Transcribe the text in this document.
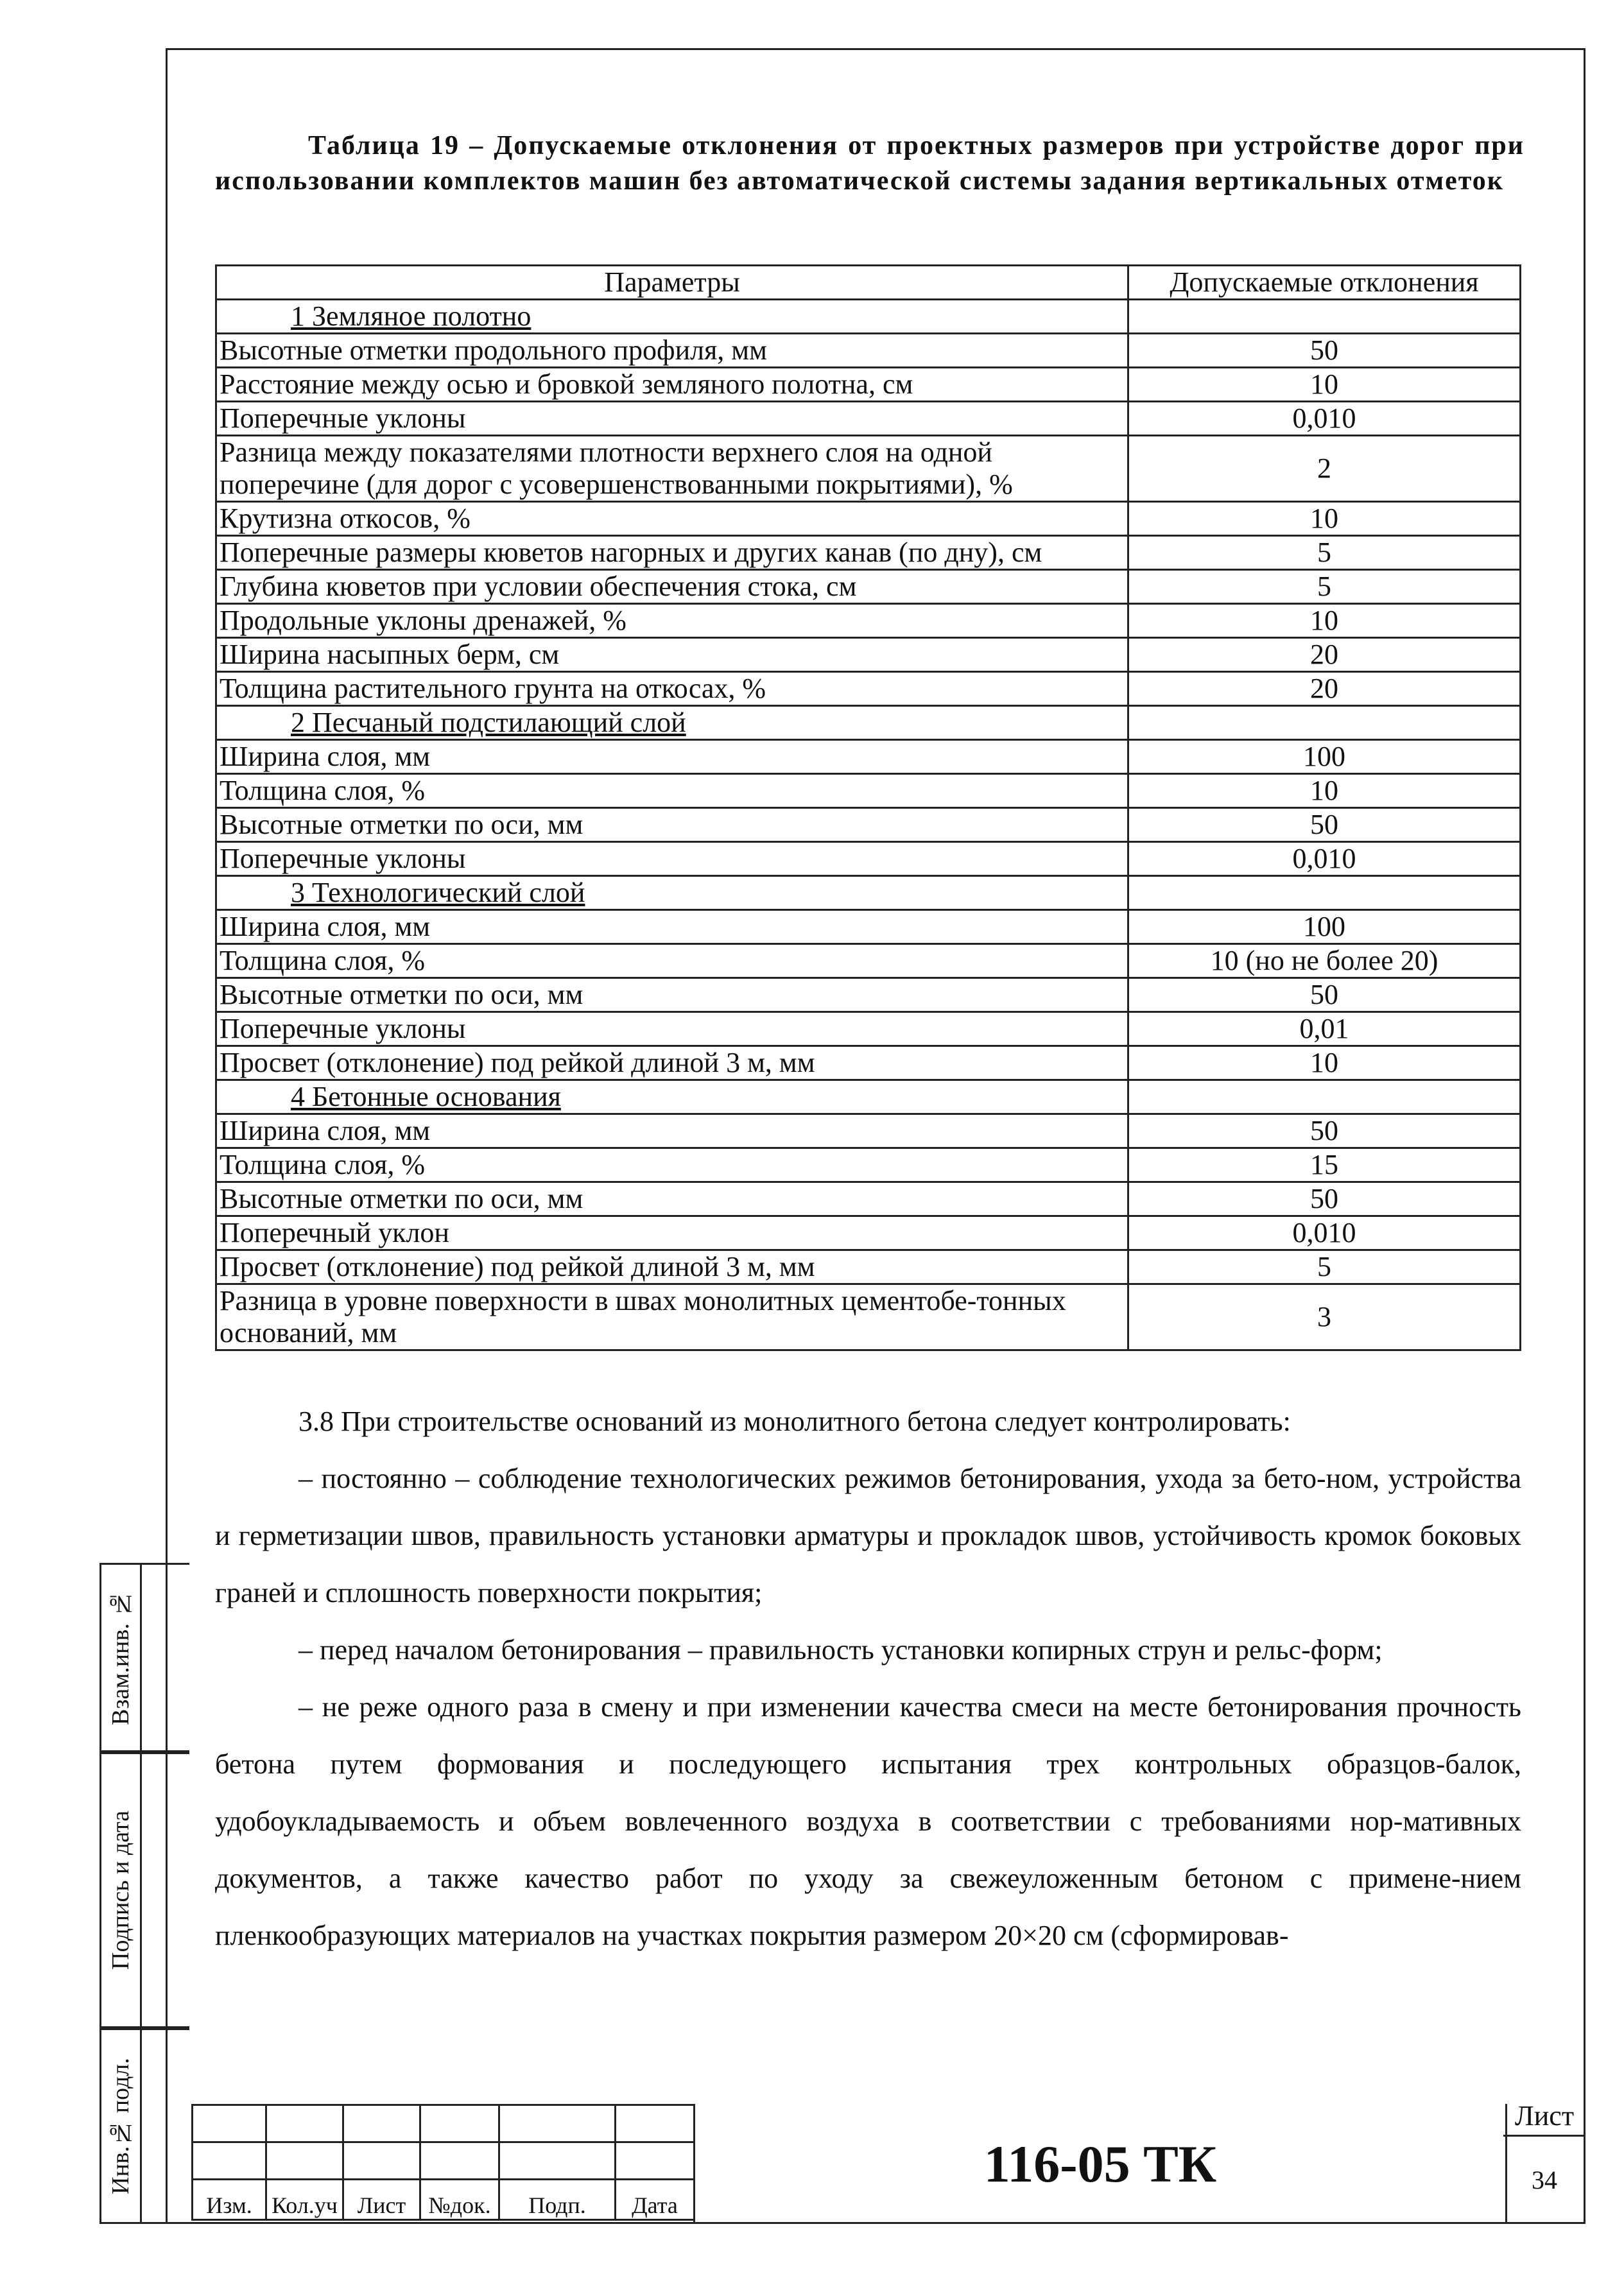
Таблица 19 – Допускаемые отклонения от проектных размеров при устройстве дорог при использовании комплектов машин без автоматической системы задания вертикальных отметок
Параметры	Допускаемые отклонения
1 Земляное полотно	
Высотные отметки продольного профиля, мм	50
Расстояние между осью и бровкой земляного полотна, см	10
Поперечные уклоны	0,010
Разница между показателями плотности верхнего слоя на одной поперечине (для дорог с усовершенствованными покрытиями), %	2
Крутизна откосов, %	10
Поперечные размеры кюветов нагорных и других канав (по дну), см	5
Глубина кюветов при условии обеспечения стока, см	5
Продольные уклоны дренажей, %	10
Ширина насыпных берм, см	20
Толщина растительного грунта на откосах, %	20
2 Песчаный подстилающий слой	
Ширина слоя, мм	100
Толщина слоя, %	10
Высотные отметки по оси, мм	50
Поперечные уклоны	0,010
3 Технологический слой	
Ширина слоя, мм	100
Толщина слоя, %	10 (но не более 20)
Высотные отметки по оси, мм	50
Поперечные уклоны	0,01
Просвет (отклонение) под рейкой длиной 3 м, мм	10
4 Бетонные основания	
Ширина слоя, мм	50
Толщина слоя, %	15
Высотные отметки по оси, мм	50
Поперечный уклон	0,010
Просвет (отклонение) под рейкой длиной 3 м, мм	5
Разница в уровне поверхности в швах монолитных цементобе-тонных оснований, мм	3

3.8 При строительстве оснований из монолитного бетона следует контролировать:

– постоянно – соблюдение технологических режимов бетонирования, ухода за бето-ном, устройства и герметизации швов, правильность установки арматуры и прокладок швов, устойчивость кромок боковых граней и сплошность поверхности покрытия;

– перед началом бетонирования – правильность установки копирных струн и рельс-форм;

– не реже одного раза в смену и при изменении качества смеси на месте бетонирования прочность бетона путем формования и последующего испытания трех контрольных образцов-балок, удобоукладываемость и объем вовлеченного воздуха в соответствии с требованиями нор-мативных документов, а также качество работ по уходу за свежеуложенным бетоном с примене-нием пленкообразующих материалов на участках покрытия размером 20×20 см (сформировав-

Взам.инв. №
Подпись и дата
Инв.№ подл.

Изм.	Кол.уч	Лист	№док.	Подп.	Дата
116-05 ТК
Лист
34
